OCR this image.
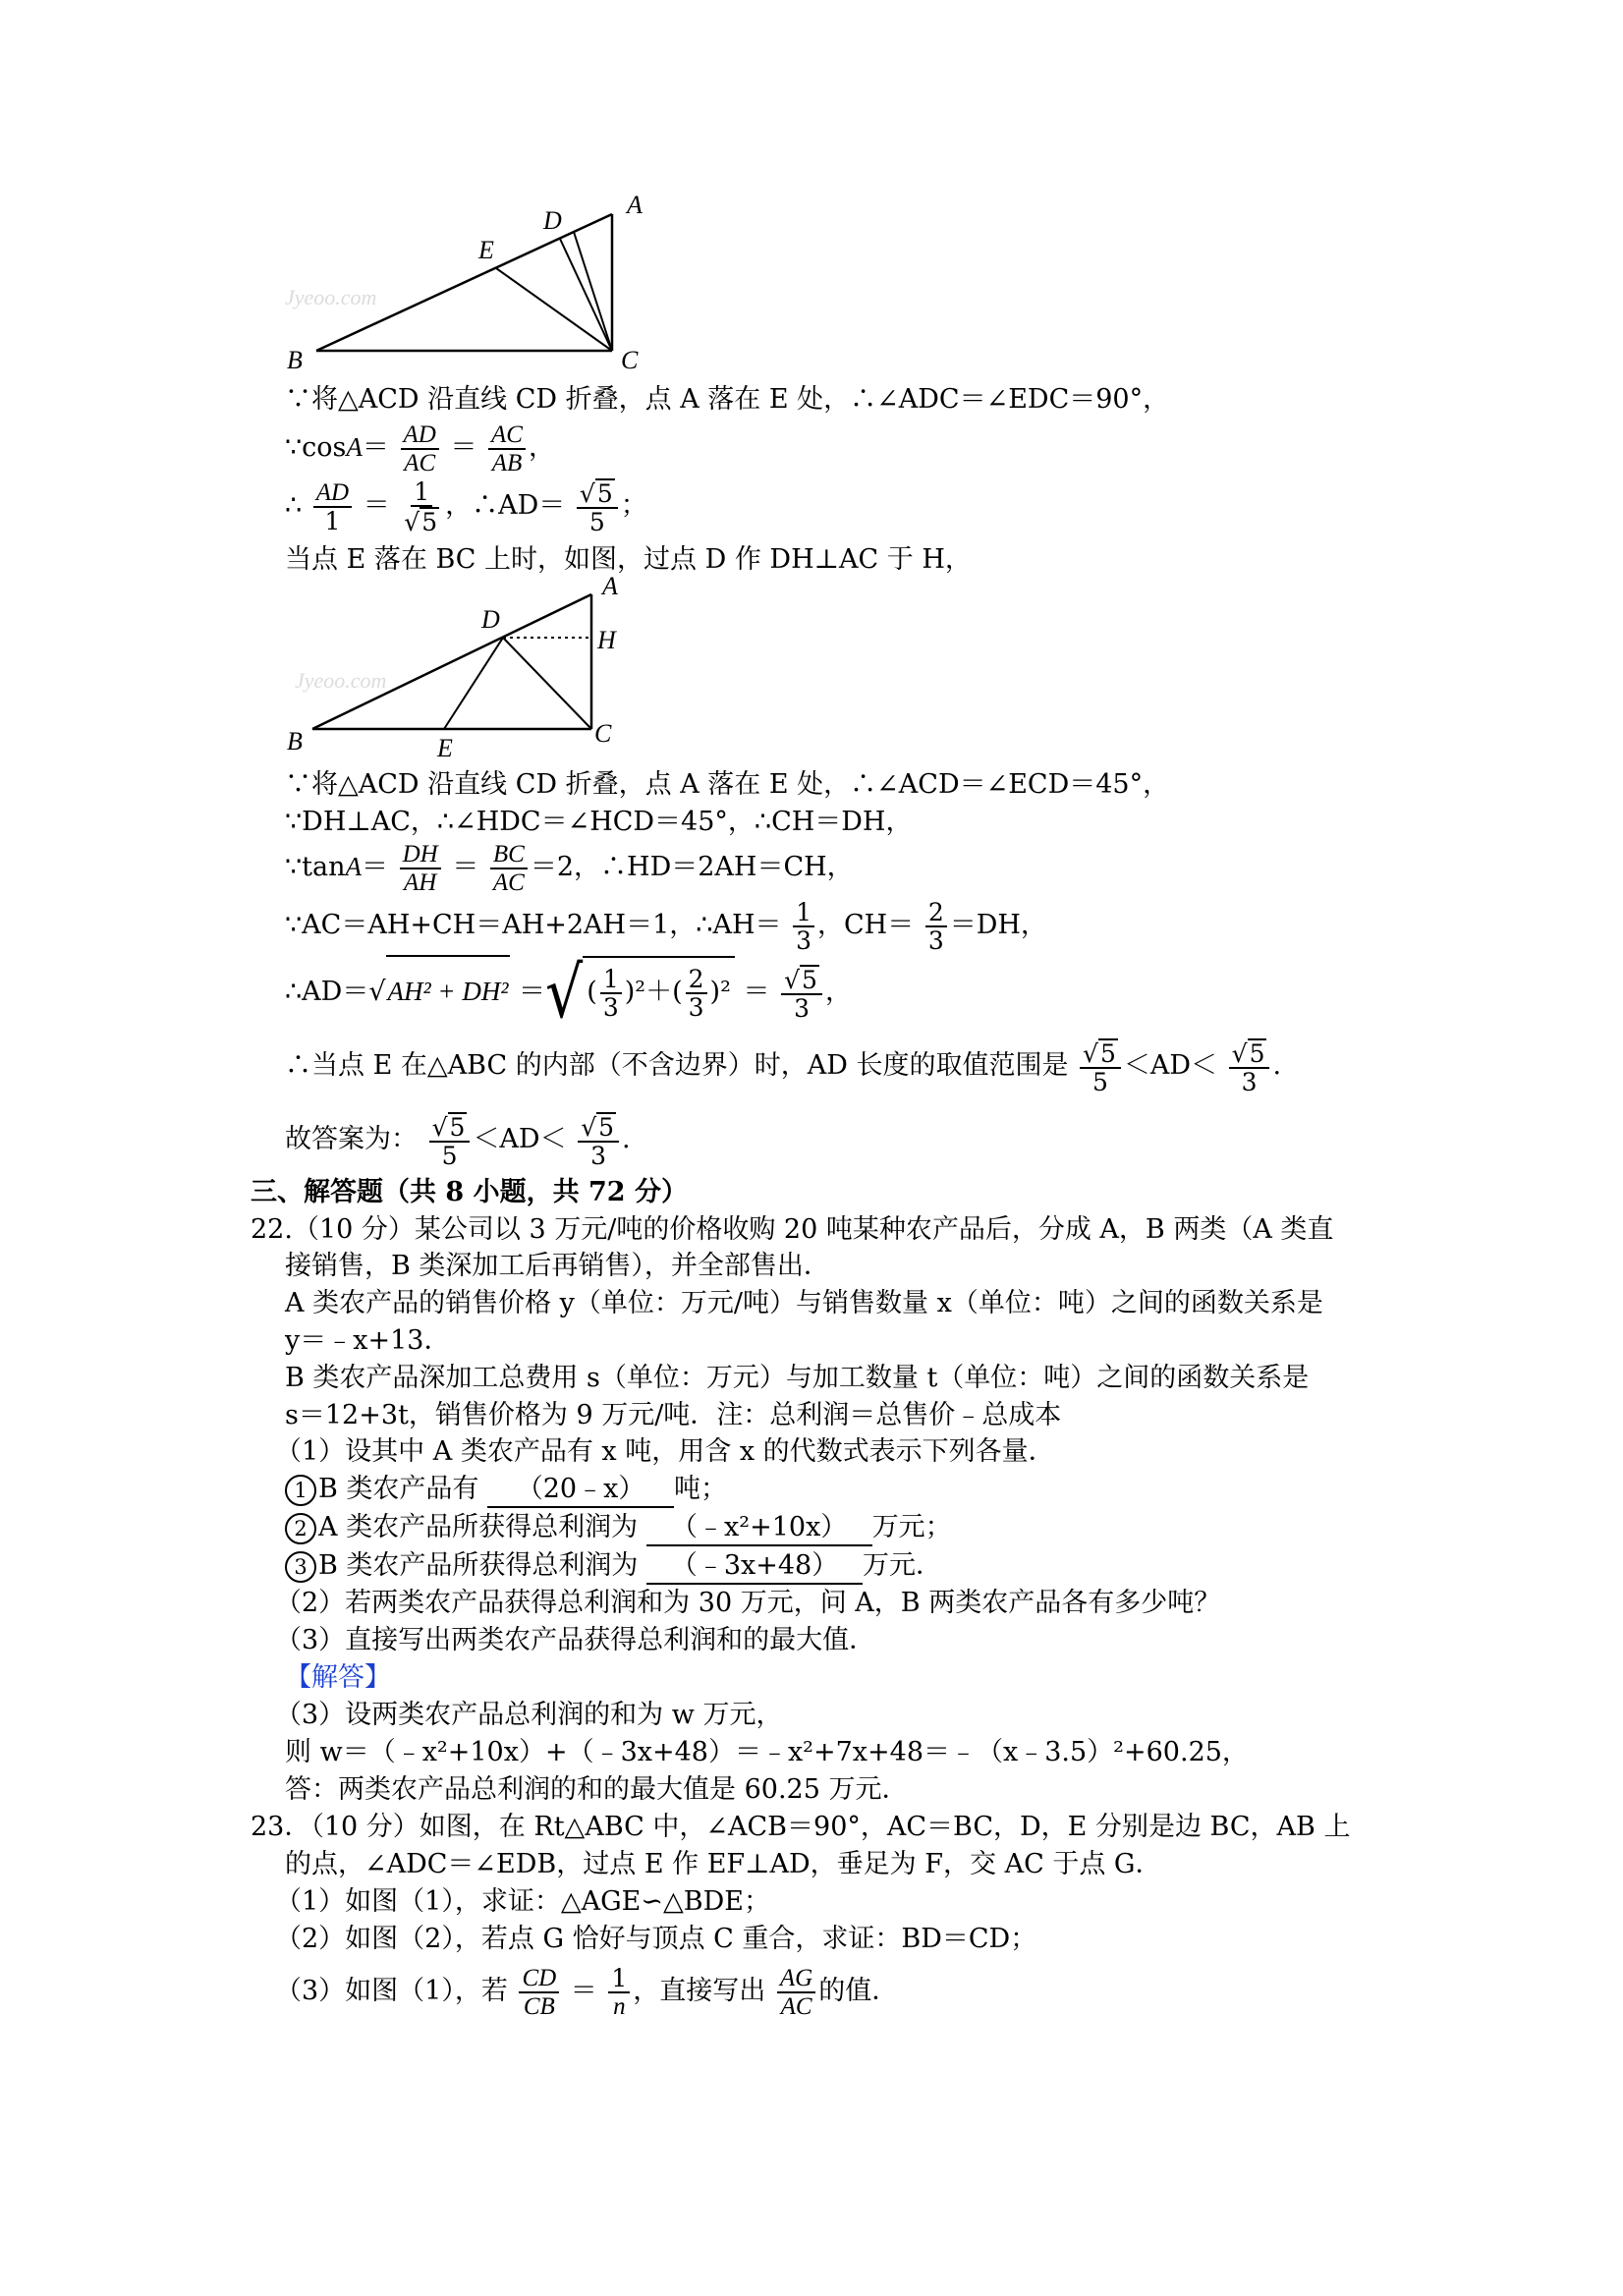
Jyeoo.com
A
D
E
B	C
∵将△ACD 沿直线 CD 折叠，点 A 落在 E 处，∴∠ADC＝∠EDC＝90°，
∵cosA＝ $\frac{AD}{AC} = \frac{AC}{AB}$ ，
∴ $\frac{AD}{1} = \frac{1}{√5}$ ，∴AD＝ $\frac{√5}{5}$ ；
当点 E 落在 BC 上时，如图，过点 D 作 DH⊥AC 于 H，
Jyeoo.com
A
D
H
B	E
C
∵将△ACD 沿直线 CD 折叠，点 A 落在 E 处，∴∠ACD＝∠ECD＝45°，
∵DH⊥AC，∴∠HDC＝∠HCD＝45°，∴CH＝DH，
∵tanA＝ $\frac{DH}{AH} = \frac{BC}{AC} =2$，∴HD＝2AH＝CH，
∵AC＝AH+CH＝AH+2AH＝1，∴AH＝ $\frac{1}{3}$ ，$CH= \frac{2}{3} =DH$，
∴AD＝√AH² + DH² ＝√ ( $\frac{1}{3} )^2+( \frac{2}{3} )^2 = \frac{√5}{3}$ ，
∴当点 E 在△ABC 的内部（不含边界）时，AD 长度的取值范围是 $\frac{√5}{5} <AD< \frac{√5}{3}$ .
故答案为： $\frac{√5}{5} <AD< \frac{√5}{3}$ .
三、解答题（共 8 小题，共 72 分）
22.（10 分）某公司以 3 万元/吨的价格收购 20 吨某种农产品后，分成 A，B 两类（A 类直
接销售，B 类深加工后再销售），并全部售出．
A 类农产品的销售价格 y（单位：万元/吨）与销售数量 x（单位：吨）之间的函数关系是
y＝﹣x+13．
B 类农产品深加工总费用 s（单位：万元）与加工数量 t（单位：吨）之间的函数关系是
s＝12+3t，销售价格为 9 万元/吨．注：总利润＝总售价﹣总成本
（1）设其中 A 类农产品有 x 吨，用含 x 的代数式表示下列各量．
1 B 类农产品有 （20﹣x） 吨；
2 A 类农产品所获得总利润为 （﹣x²+10x） 万元；
3 B 类农产品所获得总利润为 （﹣3x+48） 万元．
（2）若两类农产品获得总利润和为 30 万元，问 A，B 两类农产品各有多少吨？
（3）直接写出两类农产品获得总利润和的最大值．
【解答】
（3）设两类农产品总利润的和为 w 万元，
则 w＝（﹣x²+10x）+（﹣3x+48）＝﹣x²+7x+48＝﹣（x﹣3.5）²+60.25，
答：两类农产品总利润的和的最大值是 60.25 万元．
23．（10 分）如图，在 Rt△ABC 中，∠ACB＝90°，AC＝BC，D，E 分别是边 BC，AB 上
的点，∠ADC＝∠EDB，过点 E 作 EF⊥AD，垂足为 F，交 AC 于点 G．
（1）如图（1），求证：△AGE∽△BDE；
（2）如图（2），若点 G 恰好与顶点 C 重合，求证：BD＝CD；
（3）如图（1），若 $\frac{CD}{CB} = \frac{1}{n}$ ，直接写出 $\frac{AG}{AC}$ 的值．
